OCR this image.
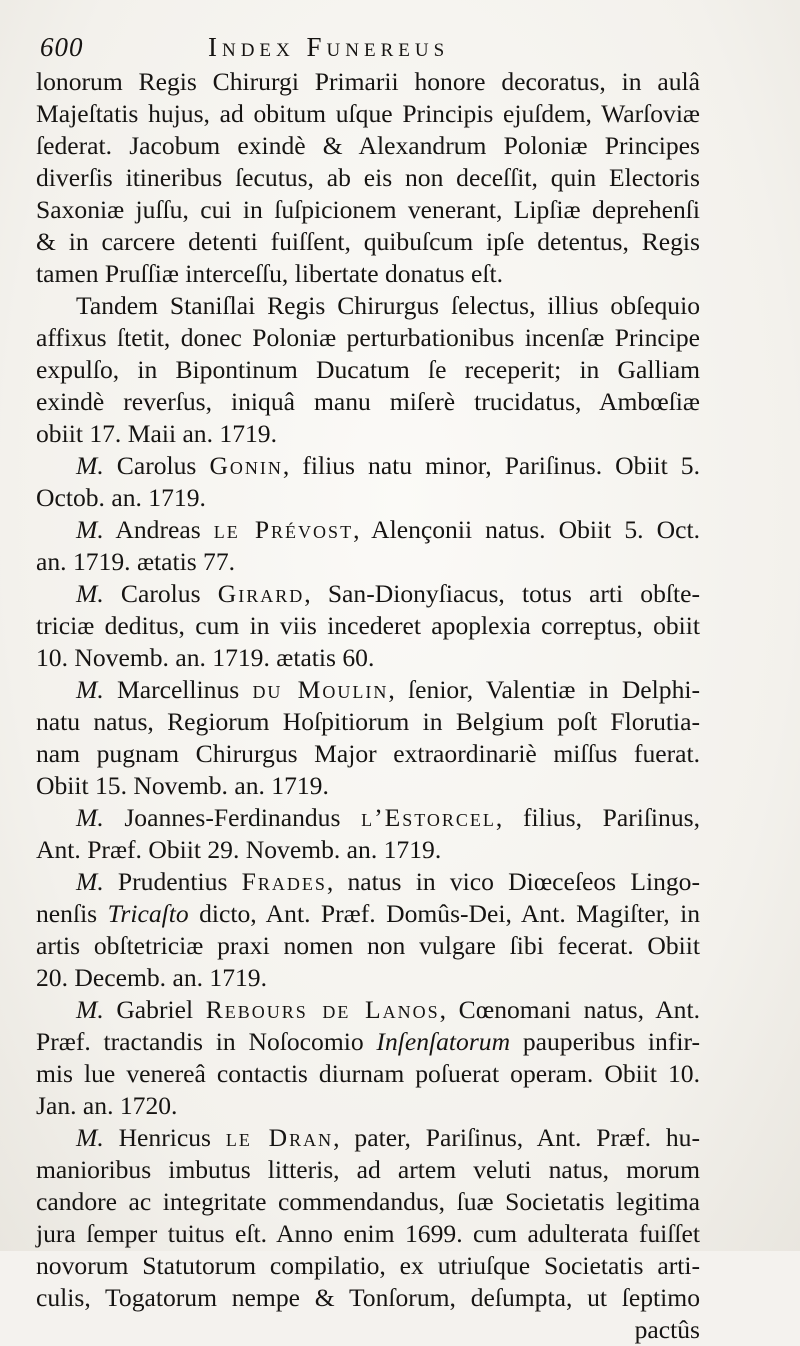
600	Index Funereus
lonorum Regis Chirurgi Primarii honore decoratus, in aulâ
Majeſtatis hujus, ad obitum uſque Principis ejuſdem, Warſoviæ
ſederat. Jacobum exindè & Alexandrum Poloniæ Principes
diverſis itineribus ſecutus, ab eis non deceſſit, quin Electoris
Saxoniæ juſſu, cui in ſuſpicionem venerant, Lipſiæ deprehenſi
& in carcere detenti fuiſſent, quibuſcum ipſe detentus, Regis
tamen Pruſſiæ interceſſu, libertate donatus eſt.
Tandem Staniſlai Regis Chirurgus ſelectus, illius obſequio
affixus ſtetit, donec Poloniæ perturbationibus incenſæ Principe
expulſo, in Bipontinum Ducatum ſe receperit; in Galliam
exindè reverſus, iniquâ manu miſerè trucidatus, Ambœſiæ
obiit 17. Maii an. 1719.
M. Carolus Gonin, filius natu minor, Pariſinus. Obiit 5.
Octob. an. 1719.
M. Andreas le Prévost, Alençonii natus. Obiit 5. Oct.
an. 1719. ætatis 77.
M. Carolus Girard, San-Dionyſiacus, totus arti obſte-
triciæ deditus, cum in viis incederet apoplexia correptus, obiit
10. Novemb. an. 1719. ætatis 60.
M. Marcellinus du Moulin, ſenior, Valentiæ in Delphi-
natu natus, Regiorum Hoſpitiorum in Belgium poſt Florutia-
nam pugnam Chirurgus Major extraordinariè miſſus fuerat.
Obiit 15. Novemb. an. 1719.
M. Joannes-Ferdinandus l’Estorcel, filius, Pariſinus,
Ant. Præf. Obiit 29. Novemb. an. 1719.
M. Prudentius Frades, natus in vico Diœceſeos Lingo-
nenſis Tricaſto dicto, Ant. Præf. Domûs-Dei, Ant. Magiſter, in
artis obſtetriciæ praxi nomen non vulgare ſibi fecerat. Obiit
20. Decemb. an. 1719.
M. Gabriel Rebours de Lanos, Cœnomani natus, Ant.
Præf. tractandis in Noſocomio Inſenſatorum pauperibus infir-
mis lue venereâ contactis diurnam poſuerat operam. Obiit 10.
Jan. an. 1720.
M. Henricus le Dran, pater, Pariſinus, Ant. Præf. hu-
manioribus imbutus litteris, ad artem veluti natus, morum
candore ac integritate commendandus, ſuæ Societatis legitima
jura ſemper tuitus eſt. Anno enim 1699. cum adulterata fuiſſet
novorum Statutorum compilatio, ex utriuſque Societatis arti-
culis, Togatorum nempe & Tonſorum, deſumpta, ut ſeptimo
pactûs
